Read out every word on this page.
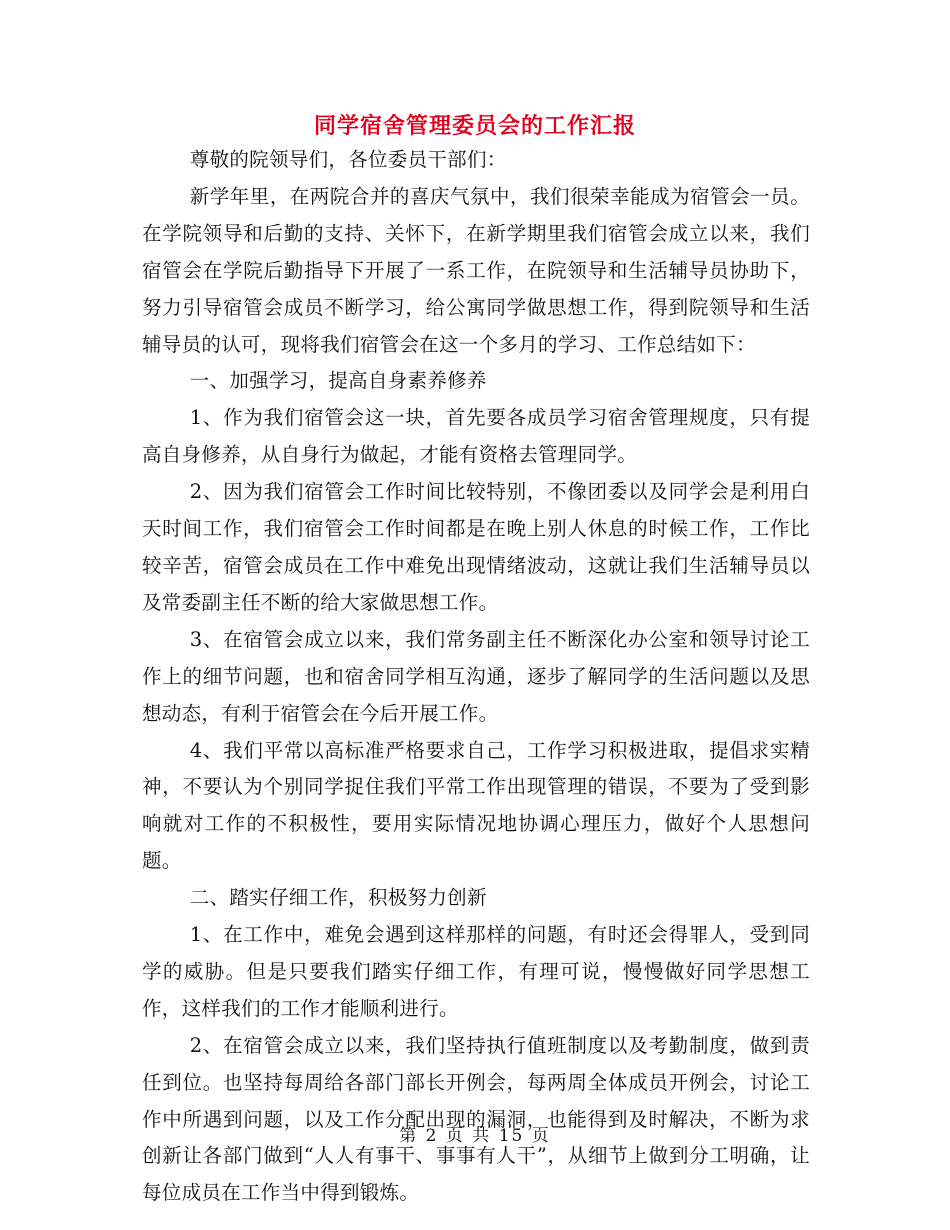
同学宿舍管理委员会的工作汇报

尊敬的院领导们，各位委员干部们：

新学年里，在两院合并的喜庆气氛中，我们很荣幸能成为宿管会一员。在学院领导和后勤的支持、关怀下，在新学期里我们宿管会成立以来，我们宿管会在学院后勤指导下开展了一系工作，在院领导和生活辅导员协助下，努力引导宿管会成员不断学习，给公寓同学做思想工作，得到院领导和生活辅导员的认可，现将我们宿管会在这一个多月的学习、工作总结如下：

一、加强学习，提高自身素养修养

1、作为我们宿管会这一块，首先要各成员学习宿舍管理规度，只有提高自身修养，从自身行为做起，才能有资格去管理同学。

2、因为我们宿管会工作时间比较特别，不像团委以及同学会是利用白天时间工作，我们宿管会工作时间都是在晚上别人休息的时候工作，工作比较辛苦，宿管会成员在工作中难免出现情绪波动，这就让我们生活辅导员以及常委副主任不断的给大家做思想工作。

3、在宿管会成立以来，我们常务副主任不断深化办公室和领导讨论工作上的细节问题，也和宿舍同学相互沟通，逐步了解同学的生活问题以及思想动态，有利于宿管会在今后开展工作。

4、我们平常以高标准严格要求自己，工作学习积极进取，提倡求实精神，不要认为个别同学捉住我们平常工作出现管理的错误，不要为了受到影响就对工作的不积极性，要用实际情况地协调心理压力，做好个人思想问题。

二、踏实仔细工作，积极努力创新

1、在工作中，难免会遇到这样那样的问题，有时还会得罪人，受到同学的威胁。但是只要我们踏实仔细工作，有理可说，慢慢做好同学思想工作，这样我们的工作才能顺利进行。

2、在宿管会成立以来，我们坚持执行值班制度以及考勤制度，做到责任到位。也坚持每周给各部门部长开例会，每两周全体成员开例会，讨论工作中所遇到问题，以及工作分配出现的漏洞，也能得到及时解决，不断为求创新让各部门做到“人人有事干、事事有人干”，从细节上做到分工明确，让每位成员在工作当中得到锻炼。

第 2 页 共 15 页
